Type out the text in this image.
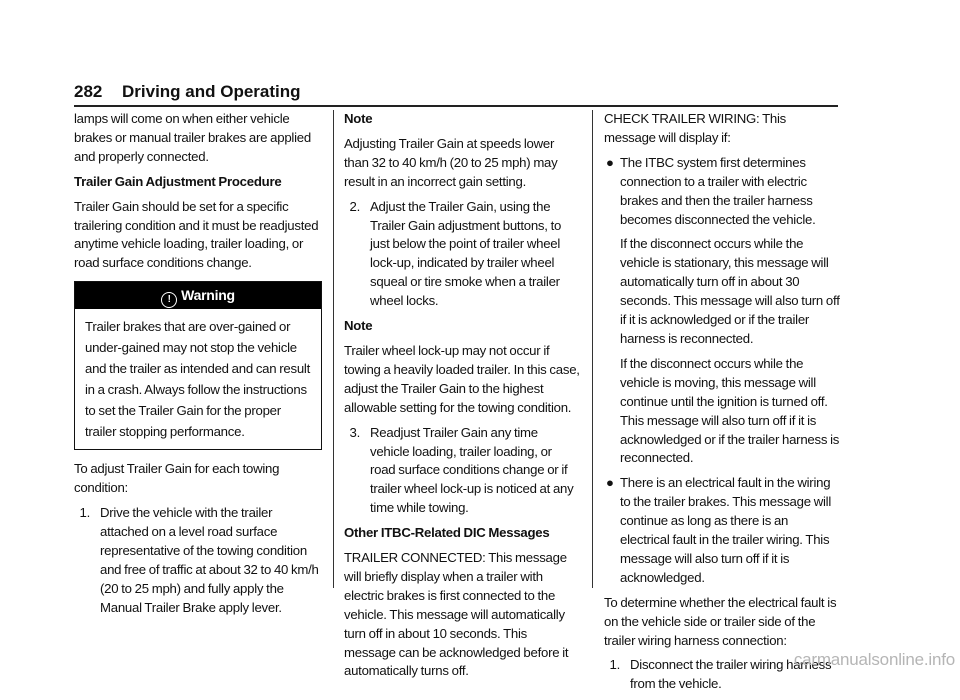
282 Driving and Operating

lamps will come on when either vehicle brakes or manual trailer brakes are applied and properly connected.

Trailer Gain Adjustment Procedure

Trailer Gain should be set for a specific trailering condition and it must be readjusted anytime vehicle loading, trailer loading, or road surface conditions change.

! Warning
Trailer brakes that are over-gained or under-gained may not stop the vehicle and the trailer as intended and can result in a crash. Always follow the instructions to set the Trailer Gain for the proper trailer stopping performance.

To adjust Trailer Gain for each towing condition:

1. Drive the vehicle with the trailer attached on a level road surface representative of the towing condition and free of traffic at about 32 to 40 km/h (20 to 25 mph) and fully apply the Manual Trailer Brake apply lever.

Note

Adjusting Trailer Gain at speeds lower than 32 to 40 km/h (20 to 25 mph) may result in an incorrect gain setting.

2. Adjust the Trailer Gain, using the Trailer Gain adjustment buttons, to just below the point of trailer wheel lock-up, indicated by trailer wheel squeal or tire smoke when a trailer wheel locks.

Note

Trailer wheel lock-up may not occur if towing a heavily loaded trailer. In this case, adjust the Trailer Gain to the highest allowable setting for the towing condition.

3. Readjust Trailer Gain any time vehicle loading, trailer loading, or road surface conditions change or if trailer wheel lock-up is noticed at any time while towing.

Other ITBC-Related DIC Messages

TRAILER CONNECTED: This message will briefly display when a trailer with electric brakes is first connected to the vehicle. This message will automatically turn off in about 10 seconds. This message can be acknowledged before it automatically turns off.

CHECK TRAILER WIRING: This message will display if:

● The ITBC system first determines connection to a trailer with electric brakes and then the trailer harness becomes disconnected the vehicle.

If the disconnect occurs while the vehicle is stationary, this message will automatically turn off in about 30 seconds. This message will also turn off if it is acknowledged or if the trailer harness is reconnected.

If the disconnect occurs while the vehicle is moving, this message will continue until the ignition is turned off. This message will also turn off if it is acknowledged or if the trailer harness is reconnected.

● There is an electrical fault in the wiring to the trailer brakes. This message will continue as long as there is an electrical fault in the trailer wiring. This message will also turn off if it is acknowledged.

To determine whether the electrical fault is on the vehicle side or trailer side of the trailer wiring harness connection:

1. Disconnect the trailer wiring harness from the vehicle.
carmanualsonline.info
